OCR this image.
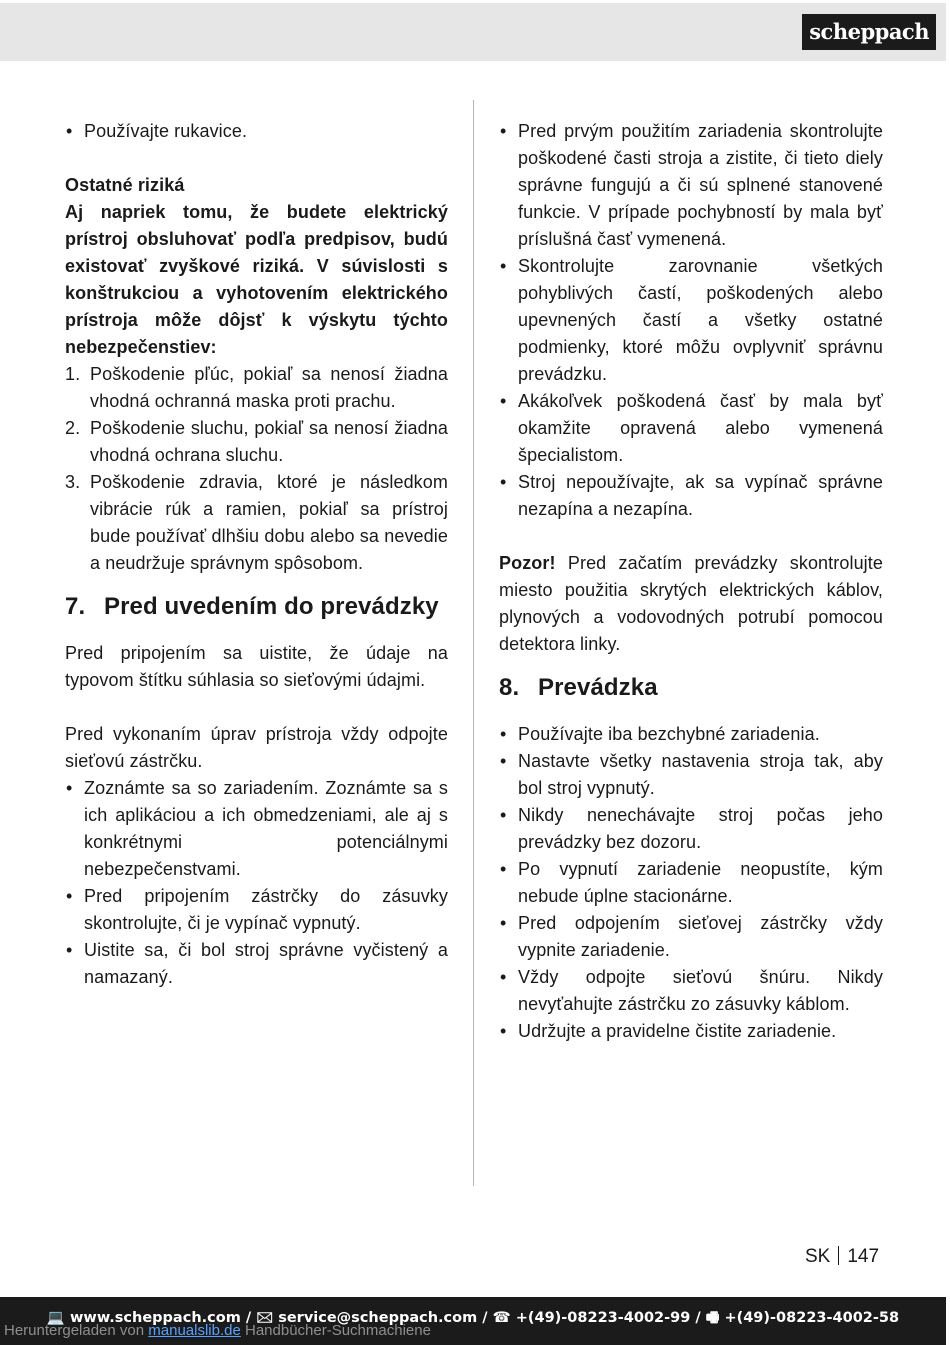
scheppach
• Používajte rukavice.
Ostatné riziká
Aj napriek tomu, že budete elektrický prístroj obsluhovať podľa predpisov, budú existovať zvyškové riziká. V súvislosti s konštrukciou a vyhotovením elektrického prístroja môže dôjsť k výskytu týchto nebezpečenstiev:
1. Poškodenie pľúc, pokiaľ sa nenosí žiadna vhodná ochranná maska proti prachu.
2. Poškodenie sluchu, pokiaľ sa nenosí žiadna vhodná ochrana sluchu.
3. Poškodenie zdravia, ktoré je následkom vibrácie rúk a ramien, pokiaľ sa prístroj bude používať dlhšiu dobu alebo sa nevedie a neudržuje správnym spôsobom.
7. Pred uvedením do prevádzky
Pred pripojením sa uistite, že údaje na typovom štítku súhlasia so sieťovými údajmi.
Pred vykonaním úprav prístroja vždy odpojte sieťovú zástrčku.
• Zoznámte sa so zariadením. Zoznámte sa s ich aplikáciou a ich obmedzeniami, ale aj s konkrétnymi potenciálnymi nebezpečenstvami.
• Pred pripojením zástrčky do zásuvky skontrolujte, či je vypínač vypnutý.
• Uistite sa, či bol stroj správne vyčistený a namazaný.
• Pred prvým použitím zariadenia skontrolujte poškodené časti stroja a zistite, či tieto diely správne fungujú a či sú splnené stanovené funkcie. V prípade pochybností by mala byť príslušná časť vymenená.
• Skontrolujte zarovnanie všetkých pohyblivých častí, poškodených alebo upevnených častí a všetky ostatné podmienky, ktoré môžu ovplyvniť správnu prevádzku.
• Akákoľvek poškodená časť by mala byť okamžite opravená alebo vymenená špecialistom.
• Stroj nepoužívajte, ak sa vypínač správne nezapína a nezapína.
Pozor! Pred začatím prevádzky skontrolujte miesto použitia skrytých elektrických káblov, plynových a vodovodných potrubí pomocou detektora linky.
8. Prevádzka
• Používajte iba bezchybné zariadenia.
• Nastavte všetky nastavenia stroja tak, aby bol stroj vypnutý.
• Nikdy nenechávajte stroj počas jeho prevádzky bez dozoru.
• Po vypnutí zariadenie neopustíte, kým nebude úplne stacionárne.
• Pred odpojením sieťovej zástrčky vždy vypnite zariadenie.
• Vždy odpojte sieťovú šnúru. Nikdy nevyťahujte zástrčku zo zásuvky káblom.
• Udržujte a pravidelne čistite zariadenie.
SK 147
💻 www.scheppach.com / 🖂 service@scheppach.com / ☎ +(49)-08223-4002-99 / 🖷 +(49)-08223-4002-58
Heruntergeladen von manualslib.de Handbücher-Suchmachiene
